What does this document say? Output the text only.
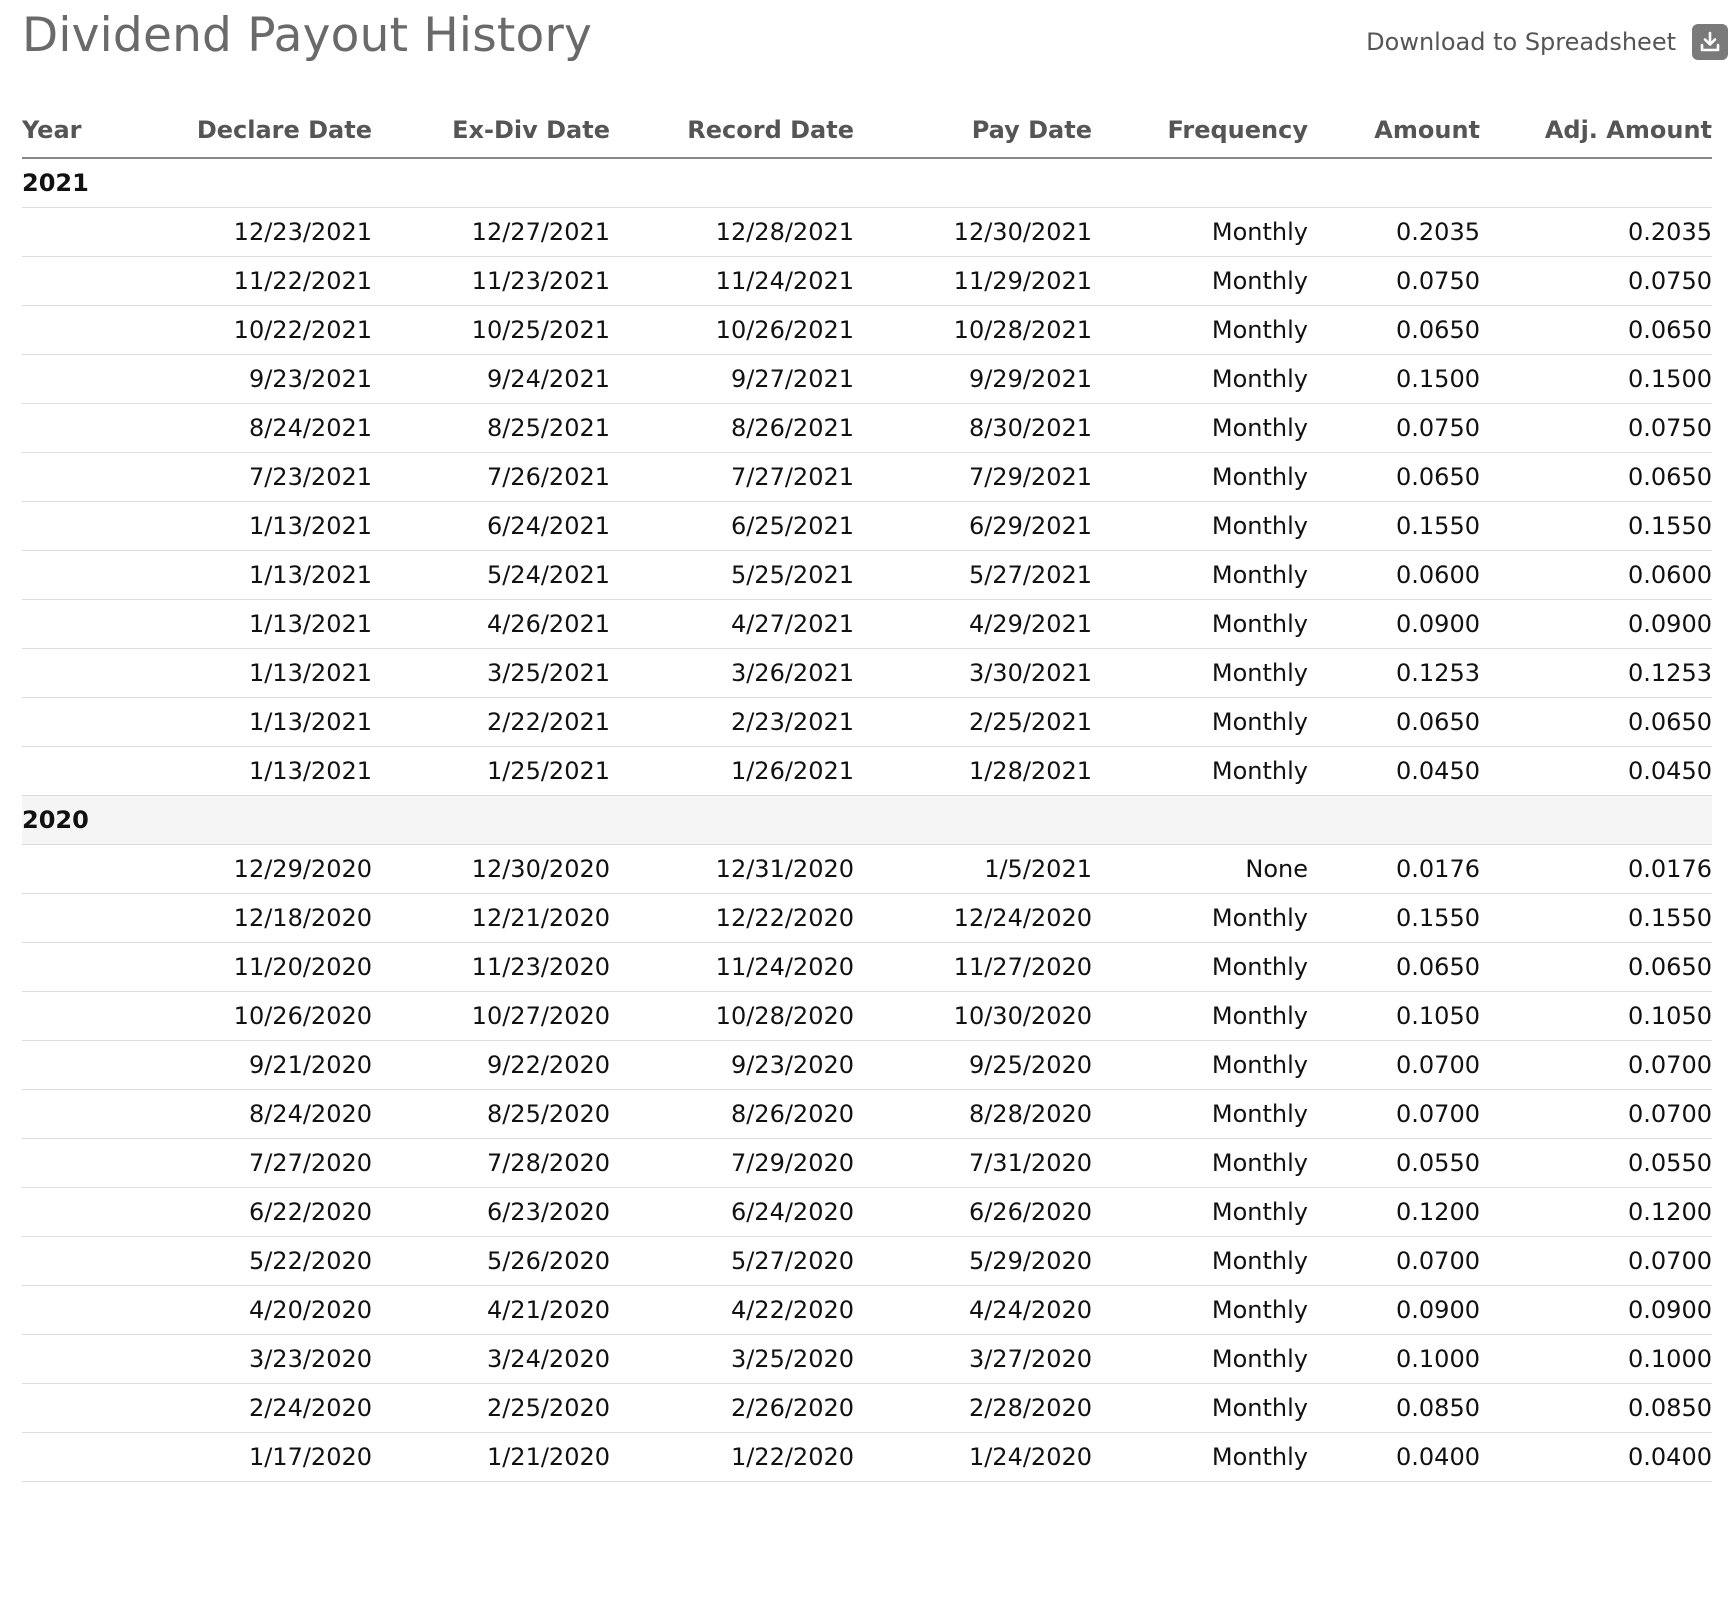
Dividend Payout History	Download to Spreadsheet
Year	Declare Date	Ex-Div Date	Record Date	Pay Date	Frequency	Amount	Adj. Amount
2021							
	12/23/2021	12/27/2021	12/28/2021	12/30/2021	Monthly	0.2035	0.2035
	11/22/2021	11/23/2021	11/24/2021	11/29/2021	Monthly	0.0750	0.0750
	10/22/2021	10/25/2021	10/26/2021	10/28/2021	Monthly	0.0650	0.0650
	9/23/2021	9/24/2021	9/27/2021	9/29/2021	Monthly	0.1500	0.1500
	8/24/2021	8/25/2021	8/26/2021	8/30/2021	Monthly	0.0750	0.0750
	7/23/2021	7/26/2021	7/27/2021	7/29/2021	Monthly	0.0650	0.0650
	1/13/2021	6/24/2021	6/25/2021	6/29/2021	Monthly	0.1550	0.1550
	1/13/2021	5/24/2021	5/25/2021	5/27/2021	Monthly	0.0600	0.0600
	1/13/2021	4/26/2021	4/27/2021	4/29/2021	Monthly	0.0900	0.0900
	1/13/2021	3/25/2021	3/26/2021	3/30/2021	Monthly	0.1253	0.1253
	1/13/2021	2/22/2021	2/23/2021	2/25/2021	Monthly	0.0650	0.0650
	1/13/2021	1/25/2021	1/26/2021	1/28/2021	Monthly	0.0450	0.0450
2020							
	12/29/2020	12/30/2020	12/31/2020	1/5/2021	None	0.0176	0.0176
	12/18/2020	12/21/2020	12/22/2020	12/24/2020	Monthly	0.1550	0.1550
	11/20/2020	11/23/2020	11/24/2020	11/27/2020	Monthly	0.0650	0.0650
	10/26/2020	10/27/2020	10/28/2020	10/30/2020	Monthly	0.1050	0.1050
	9/21/2020	9/22/2020	9/23/2020	9/25/2020	Monthly	0.0700	0.0700
	8/24/2020	8/25/2020	8/26/2020	8/28/2020	Monthly	0.0700	0.0700
	7/27/2020	7/28/2020	7/29/2020	7/31/2020	Monthly	0.0550	0.0550
	6/22/2020	6/23/2020	6/24/2020	6/26/2020	Monthly	0.1200	0.1200
	5/22/2020	5/26/2020	5/27/2020	5/29/2020	Monthly	0.0700	0.0700
	4/20/2020	4/21/2020	4/22/2020	4/24/2020	Monthly	0.0900	0.0900
	3/23/2020	3/24/2020	3/25/2020	3/27/2020	Monthly	0.1000	0.1000
	2/24/2020	2/25/2020	2/26/2020	2/28/2020	Monthly	0.0850	0.0850
	1/17/2020	1/21/2020	1/22/2020	1/24/2020	Monthly	0.0400	0.0400
